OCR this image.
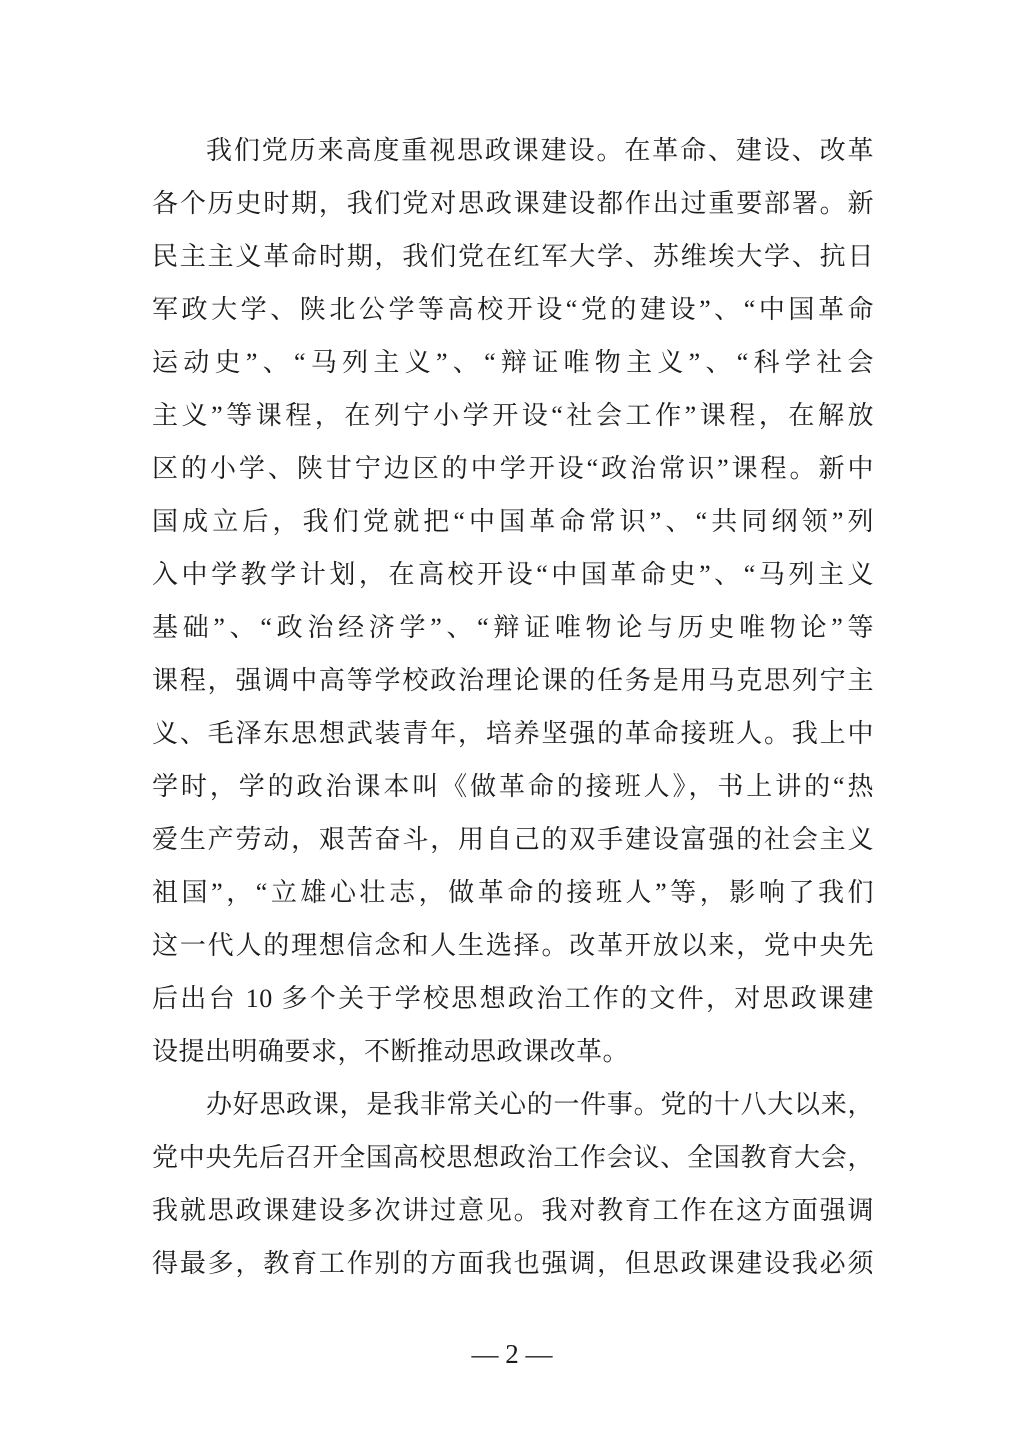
我们党历来高度重视思政课建设。在革命、建设、改革
各个历史时期，我们党对思政课建设都作出过重要部署。新
民主主义革命时期，我们党在红军大学、苏维埃大学、抗日
军政大学、陕北公学等高校开设“党的建设”、“中国革命
运动史”、“马列主义”、“辩证唯物主义”、“科学社会
主义”等课程，在列宁小学开设“社会工作”课程，在解放
区的小学、陕甘宁边区的中学开设“政治常识”课程。新中
国成立后，我们党就把“中国革命常识”、“共同纲领”列
入中学教学计划，在高校开设“中国革命史”、“马列主义
基础”、“政治经济学”、“辩证唯物论与历史唯物论”等
课程，强调中高等学校政治理论课的任务是用马克思列宁主
义、毛泽东思想武装青年，培养坚强的革命接班人。我上中
学时，学的政治课本叫《做革命的接班人》，书上讲的“热
爱生产劳动，艰苦奋斗，用自己的双手建设富强的社会主义
祖国”，“立雄心壮志，做革命的接班人”等，影响了我们
这一代人的理想信念和人生选择。改革开放以来，党中央先
后出台 10 多个关于学校思想政治工作的文件，对思政课建
设提出明确要求，不断推动思政课改革。
办好思政课，是我非常关心的一件事。党的十八大以来，
党中央先后召开全国高校思想政治工作会议、全国教育大会，
我就思政课建设多次讲过意见。我对教育工作在这方面强调
得最多，教育工作别的方面我也强调，但思政课建设我必须
— 2 —
